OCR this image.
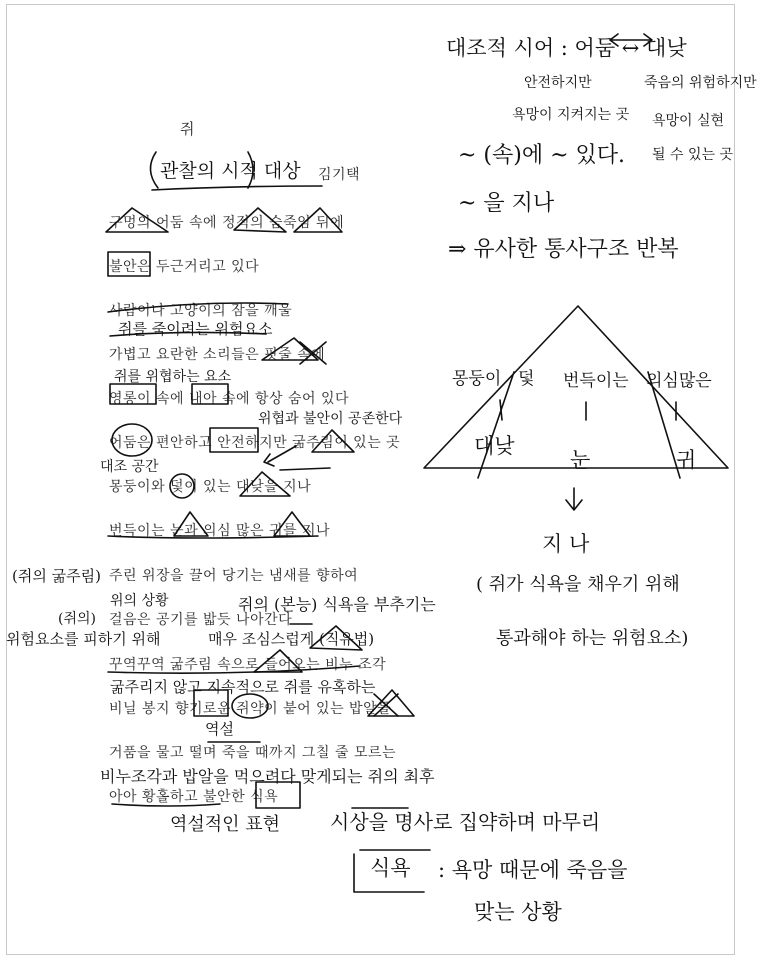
쥐
김기택
구멍의 어둠 속에 정적의 숨죽임 뒤에
불안은 두근거리고 있다
사람이나 고양이의 잠을 깨울
가볍고 요란한 소리들은 핏줄 속에
영롱이 속에 내아 속에 항상 숨어 있다
어둠은 편안하고 안전하지만 굶주림이 있는 곳
몽둥이와 덫이 있는 대낮을 지나
번득이는 눈과 의심 많은 귀를 지나
주린 위장을 끌어 당기는 냄새를 향하여
걸음은 공기를 밟듯 나아간다
꾸역꾸역 굶주림 속으로 들어오는 비누 조각
비닐 봉지 향기로운 쥐약이 붙어 있는 밥알들
거품을 물고 떨며 죽을 때까지 그칠 줄 모르는
아아 황홀하고 불안한 식욕
관찰의 시적 대상
쥐를 죽이려는 위험요소
쥐를 위협하는 요소
위협과 불안이 공존한다
대조 공간
(쥐의 굶주림)
위의 상황	쥐의 (본능) 식욕을 부추기는
(쥐의)
위험요소를 피하기 위해	매우 조심스럽게 (직유법)
굶주리지 않고 지속적으로 쥐를 유혹하는
역설
비누조각과 밥알을 먹으려다 맞게되는 쥐의 최후
역설적인 표현 시상을 명사로 집약하며 마무리
대조적 시어 : 어둠 ↔ 대낮
안전하지만
욕망이 지켜지는 곳
죽음의 위험하지만
욕망이 실현
될 수 있는 곳
~ (속)에 ~ 있다.
~ 을 지나
⇒ 유사한 통사구조 반복
몽둥이 덫 번득이는 의심많은
대낮
눈	귀
지 나
( 쥐가 식욕을 채우기 위해
통과해야 하는 위험요소)
식욕 : 욕망 때문에 죽음을
맞는 상황
